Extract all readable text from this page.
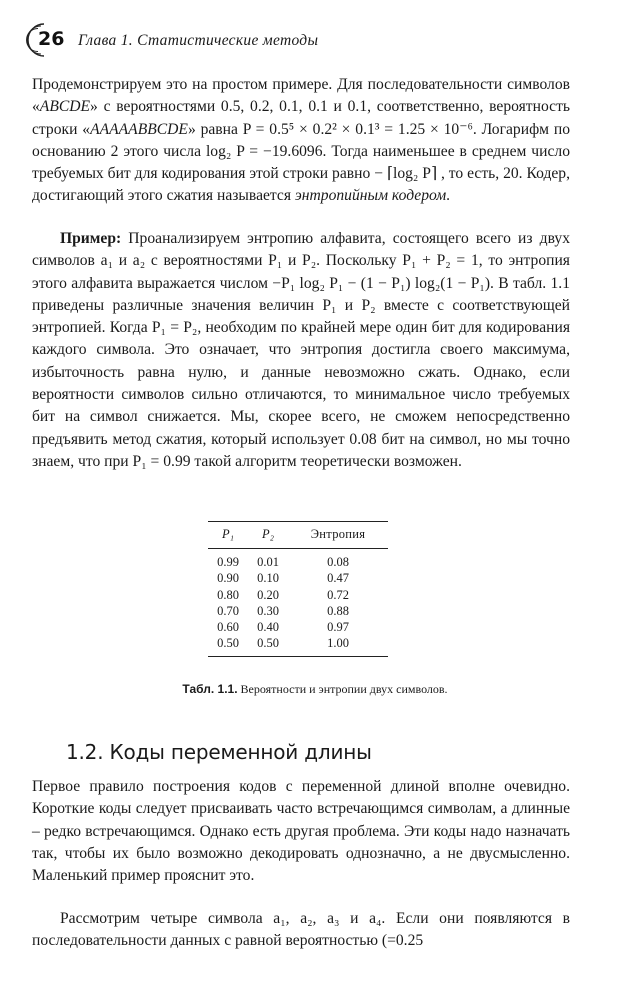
26 Глава 1. Статистические методы

Продемонстрируем это на простом примере. Для последовательности символов «ABCDE» с вероятностями 0.5, 0.2, 0.1, 0.1 и 0.1, соответственно, вероятность строки «AAAAABBCDE» равна P = 0.5⁵ × 0.2² × 0.1³ = 1.25 × 10⁻⁶. Логарифм по основанию 2 этого числа log₂ P = −19.6096. Тогда наименьшее в среднем число требуемых бит для кодирования этой строки равно − ⌈log₂ P⌉ , то есть, 20. Кодер, достигающий этого сжатия называется энтропийным кодером.

Пример: Проанализируем энтропию алфавита, состоящего всего из двух символов a₁ и a₂ с вероятностями P₁ и P₂. Поскольку P₁ + P₂ = 1, то энтропия этого алфавита выражается числом −P₁ log₂ P₁ − (1 − P₁) log₂(1 − P₁). В табл. 1.1 приведены различные значения величин P₁ и P₂ вместе с соответствующей энтропией. Когда P₁ = P₂, необходим по крайней мере один бит для кодирования каждого символа. Это означает, что энтропия достигла своего максимума, избыточность равна нулю, и данные невозможно сжать. Однако, если вероятности символов сильно отличаются, то минимальное число требуемых бит на символ снижается. Мы, скорее всего, не сможем непосредственно предъявить метод сжатия, который использует 0.08 бит на символ, но мы точно знаем, что при P₁ = 0.99 такой алгоритм теоретически возможен.

P₁	P₂	Энтропия
0.99	0.01	0.08
0.90	0.10	0.47
0.80	0.20	0.72
0.70	0.30	0.88
0.60	0.40	0.97
0.50	0.50	1.00
Табл. 1.1. Вероятности и энтропии двух символов.
1.2. Коды переменной длины

Первое правило построения кодов с переменной длиной вполне очевидно. Короткие коды следует присваивать часто встречающимся символам, а длинные – редко встречающимся. Однако есть другая проблема. Эти коды надо назначать так, чтобы их было возможно декодировать однозначно, а не двусмысленно. Маленький пример прояснит это.

Рассмотрим четыре символа a₁, a₂, a₃ и a₄. Если они появляются в последовательности данных с равной вероятностью (=0.25
